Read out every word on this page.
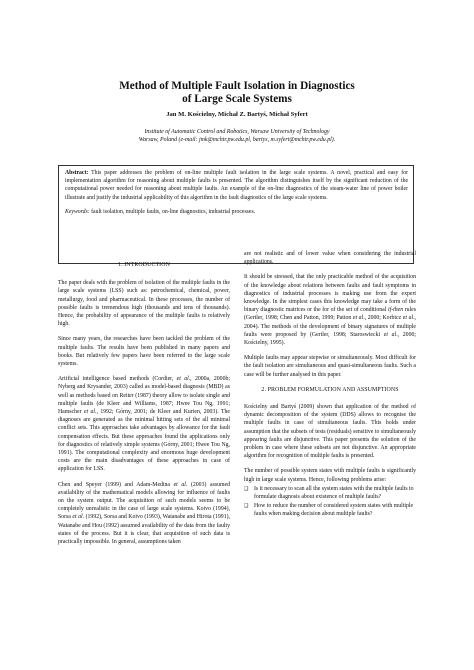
Method of Multiple Fault Isolation in Diagnostics
of Large Scale Systems
Jan M. Kościelny, Michał Z. Bartyś, Michał Syfert
Institute of Automatic Control and Robotics, Warsaw University of Technology
Warsaw, Poland (e-mail: jmk@mchtr.pw.edu.pl, bartys, m.syfert@mchtr.pw.edu.pl).

Abstract: This paper addresses the problem of on-line multiple fault isolation in the large scale systems. A novel, practical and easy for implementation algorithm for reasoning about multiple faults is presented. The algorithm distinguishes itself by the significant reduction of the computational power needed for reasoning about multiple faults. An example of the on-line diagnostics of the steam-water line of power boiler illustrate and justify the industrial applicability of this algorithm in the fault diagnostics of the large scale systems.

Keywords: fault isolation, multiple faults, on-line diagnostics, industrial processes.

1. INTRODUCTION

The paper deals with the problem of isolation of the multiple faults in the large scale systems (LSS) such as: petrochemical, chemical, power, metallurgy, food and pharmaceutical. In these processes, the number of possible faults is tremendous high (thousands and tens of thousands). Hence, the probability of appearance of the multiple faults is relatively high.

Since many years, the researches have been tackled the problem of the multiple faults. The results have been published in many papers and books. But relatively few papers have been referred to the large scale systems.

Artificial intelligence based methods (Cordier, et al., 2000a, 2000b; Nyberg and Krysander, 2003) called as model-based diagnosis (MBD) as well as methods based on Reiter (1987) theory allow to isolate single and multiple faults (de Kleer and Williams, 1987; Hwee Tou Ng, 1991; Hamscher et al., 1992; Górny, 2001; de Kleer and Kurien, 2003). The diagnoses are generated as the minimal hitting sets of the all minimal conflict sets. This approaches take advantages by allowance for the fault compensation effects. But these approaches found the applications only for diagnostics of relatively simple systems (Górny, 2001; Hwee Tou Ng, 1991). The computational complexity and enormous huge development costs are the main disadvantages of these approaches in case of application for LSS.

Chen and Speyer (1999) and Adam-Medina et al. (2003) assumed availability of the mathematical models allowing for influence of faults on the system output. The acquisition of such models seems to be completely unrealistic in the case of large scale systems. Koivo (1994), Sorsa et al. (1992), Sorsa and Koivo (1993), Watanabe and Hirota (1991), Watanabe and Hou (1992) assumed availability of the data from the faulty states of the process. But it is clear, that acquisition of such data is practically impossible. In general, assumptions taken

are not realistic and of lower value when considering the industrial applications.

It should be stressed, that the only practicable method of the acquisition of the knowledge about relations between faults and fault symptoms in diagnostics of industrial processes is making use from the expert knowledge. In the simplest cases this knowledge may take a form of the binary diagnostic matrices or the for of the set of conditional if-then rules (Gertler, 1998; Chen and Patton, 1999; Patton et al., 2000; Korbicz et al., 2004). The methods of the development of binary signatures of multiple faults were proposed by (Gertler, 1998; Staroswiecki et al., 2000; Kościelny, 1995).

Multiple faults may appear stepwise or simultaneously. Most difficult for the fault isolation are simultaneous and quasi-simultaneous faults. Such a case will be further analysed in this paper.

2. PROBLEM FORMULATION AND ASSUMPTIONS

Kościelny and Bartyś (2009) shown that application of the method of dynamic decomposition of the system (DDS) allows to recognise the multiple faults in case of simultaneous faults. This holds under assumption that the subsets of tests (residuals) sensitive to simultaneously appearing faults are disjunctive. This paper presents the solution of the problem in case where these subsets are not disjunctive. An appropriate algorithm for recognition of multiple faults is presented.

The number of possible system states with multiple faults is significantly high in large scale systems. Hence, following problems arise:

❑ Is it necessary to scan all the system states with the multiple faults to formulate diagnosis about existence of multiple faults?
❑ How to reduce the number of considered system states with multiple faults when making decision about multiple faults?
